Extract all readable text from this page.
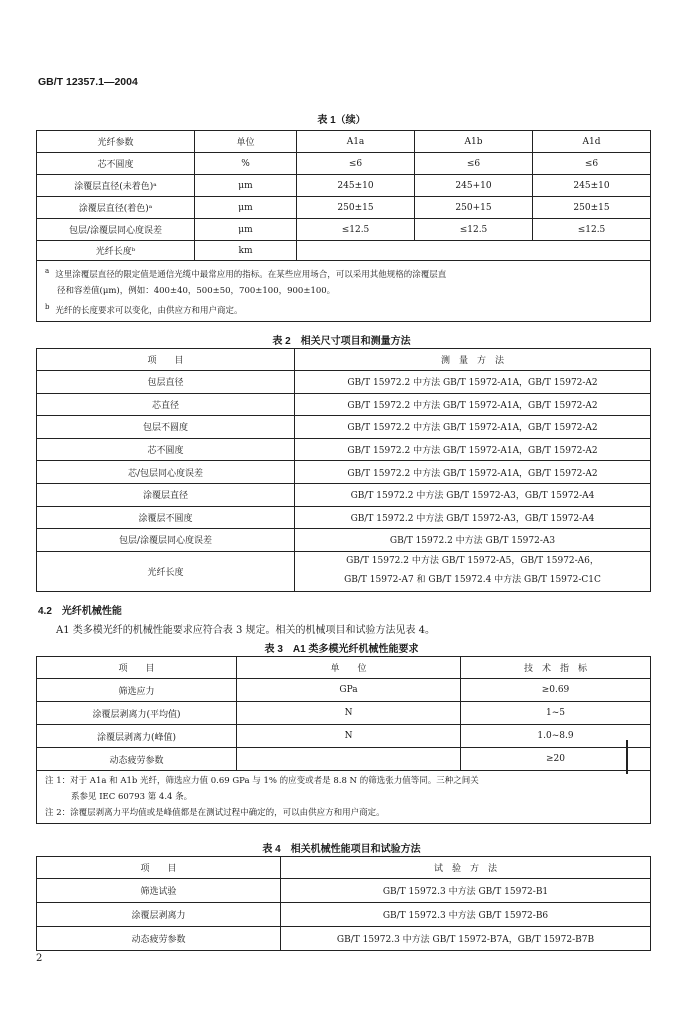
GB/T 12357.1—2004
表 1（续）
光纤参数	单位	A1a	A1b	A1d
芯不圆度	%	≤6	≤6	≤6
涂覆层直径(未着色)ᵃ	μm	245±10	245+10	245±10
涂覆层直径(着色)ᵃ	μm	250±15	250+15	250±15
包层/涂覆层同心度误差	μm	≤12.5	≤12.5	≤12.5
光纤长度ᵇ	km			

$^a$ 这里涂覆层直径的限定值是通信光缆中最常应用的指标。在某些应用场合，可以采用其他规格的涂覆层直
径和容差值(μm)，例如：400±40，500±50，700±100，900±100。
$^b$ 光纤的长度要求可以变化，由供应方和用户商定。				
表 2　相关尺寸项目和测量方法
项　　目	测　量　方　法
包层直径	GB/T 15972.2 中方法 GB/T 15972-A1A，GB/T 15972-A2
芯直径	GB/T 15972.2 中方法 GB/T 15972-A1A，GB/T 15972-A2
包层不圆度	GB/T 15972.2 中方法 GB/T 15972-A1A，GB/T 15972-A2
芯不圆度	GB/T 15972.2 中方法 GB/T 15972-A1A，GB/T 15972-A2
芯/包层同心度误差	GB/T 15972.2 中方法 GB/T 15972-A1A，GB/T 15972-A2
涂覆层直径	GB/T 15972.2 中方法 GB/T 15972-A3，GB/T 15972-A4
涂覆层不圆度	GB/T 15972.2 中方法 GB/T 15972-A3，GB/T 15972-A4
包层/涂覆层同心度误差	GB/T 15972.2 中方法 GB/T 15972-A3
光纤长度	GB/T 15972.2 中方法 GB/T 15972-A5，GB/T 15972-A6，
GB/T 15972-A7 和 GB/T 15972.4 中方法 GB/T 15972-C1C
4.2　光纤机械性能
A1 类多模光纤的机械性能要求应符合表 3 规定。相关的机械项目和试验方法见表 4。
表 3　A1 类多模光纤机械性能要求
项　　目	单　　位	技　术　指　标
筛选应力	GPa	≥0.69
涂覆层剥离力(平均值)	N	1~5
涂覆层剥离力(峰值)	N	1.0~8.9
动态疲劳参数		≥20

注 1：对于 A1a 和 A1b 光纤，筛选应力值 0.69 GPa 与 1% 的应变或者是 8.8 N 的筛选张力值等同。三种之间关
系参见 IEC 60793 第 4.4 条。
注 2：涂覆层剥离力平均值或是峰值都是在测试过程中确定的，可以由供应方和用户商定。		
表 4　相关机械性能项目和试验方法
项　　目	试　验　方　法
筛选试验	GB/T 15972.3 中方法 GB/T 15972-B1
涂覆层剥离力	GB/T 15972.3 中方法 GB/T 15972-B6
动态疲劳参数	GB/T 15972.3 中方法 GB/T 15972-B7A，GB/T 15972-B7B
2
